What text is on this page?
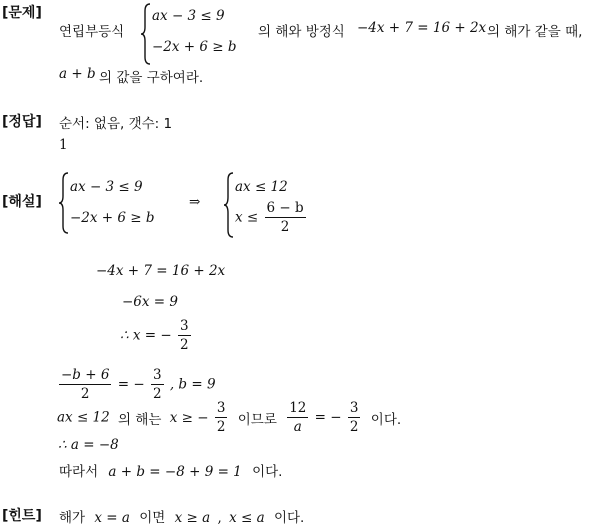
[문제]
연립부등식
ax − 3 ≤ 9
−2x + 6 ≥ b
의 해와 방정식 −4x + 7 = 16 + 2x 의 해가 같을 때,
a + b 의 값을 구하여라.
[정답] 순서: 없음, 갯수: 1
1
[해설]
ax − 3 ≤ 9
−2x + 6 ≥ b
⇒
ax ≤ 12
$x \le \frac{6 - b}{2}$
−4x + 7 = 16 + 2x
−6x = 9
∴ x = − $\frac{3}{2}$
$\frac{-b + 6}{2}$ = − $\frac{3}{2}$ , b = 9
ax ≤ 12 의 해는 x ≥ − $\frac{3}{2}$ 이므로 $\frac{12}{a}$ = − $\frac{3}{2}$ 이다.
∴ a = −8
따라서 a + b = −8 + 9 = 1 이다.
[힌트] 해가 x = a 이면 x ≥ a , x ≤ a 이다.
